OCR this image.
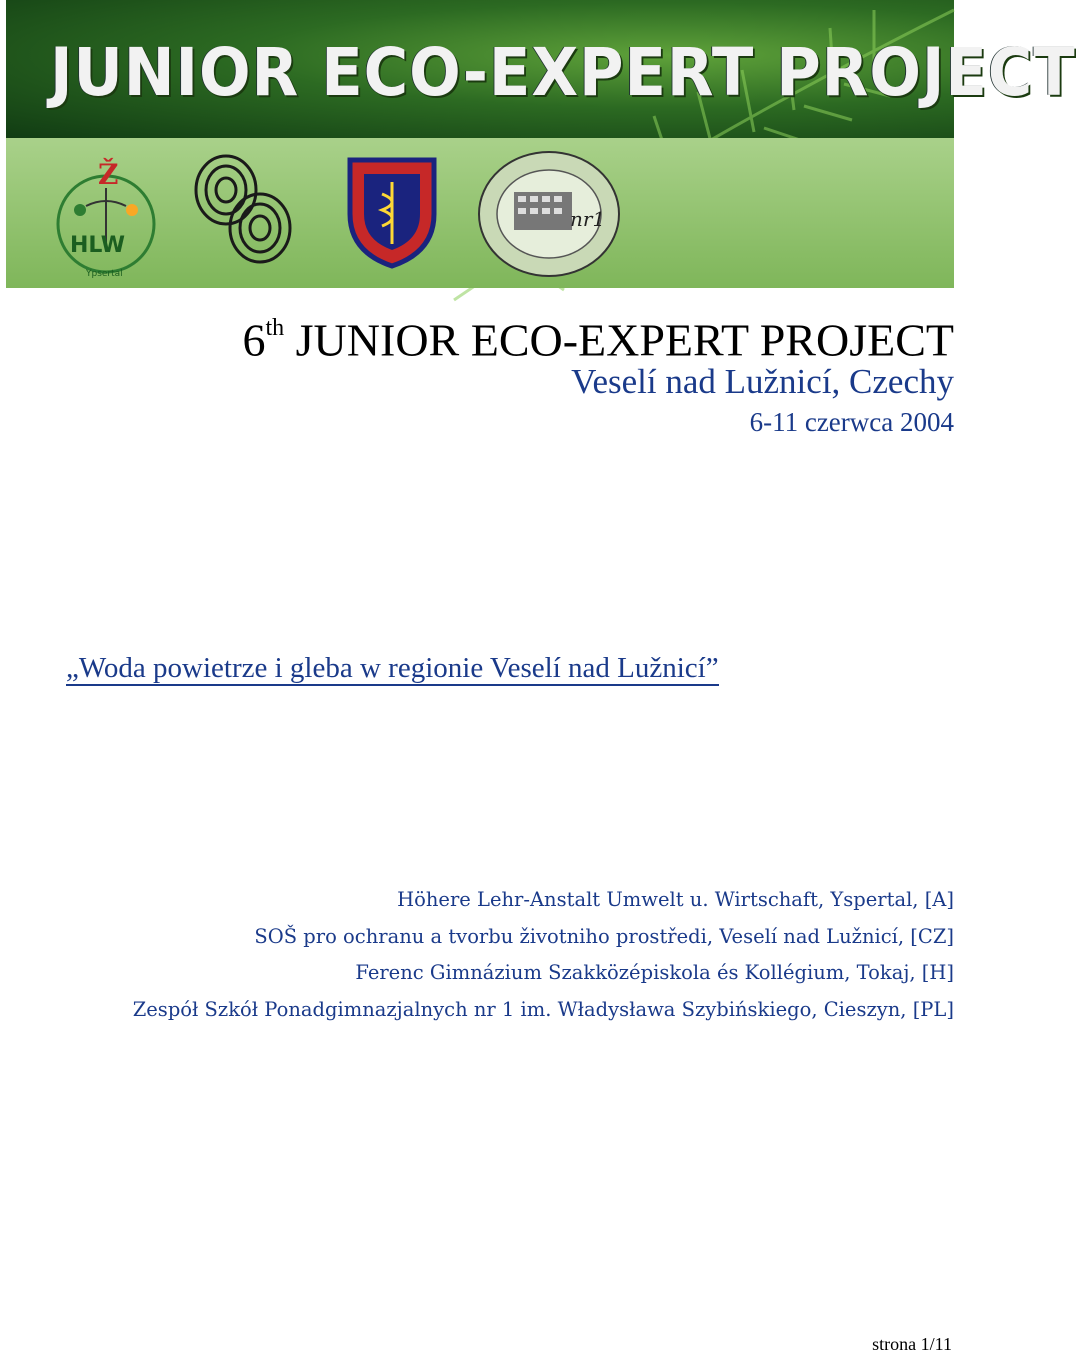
JUNIOR ECO-EXPERT PROJECT
Ž
HLW
Ypsertal
nr1
6th JUNIOR ECO-EXPERT PROJECT
Veselí nad Lužnicí, Czechy
6-11 czerwca 2004
„Woda powietrze i gleba w regionie Veselí nad Lužnicí”
Höhere Lehr-Anstalt Umwelt u. Wirtschaft, Yspertal, [A]
SOŠ pro ochranu a tvorbu životniho prostředi, Veselí nad Lužnicí, [CZ]
Ferenc Gimnázium Szakközépiskola és Kollégium, Tokaj, [H]
Zespół Szkół Ponadgimnazjalnych nr 1 im. Władysława Szybińskiego, Cieszyn, [PL]
strona 1/11
